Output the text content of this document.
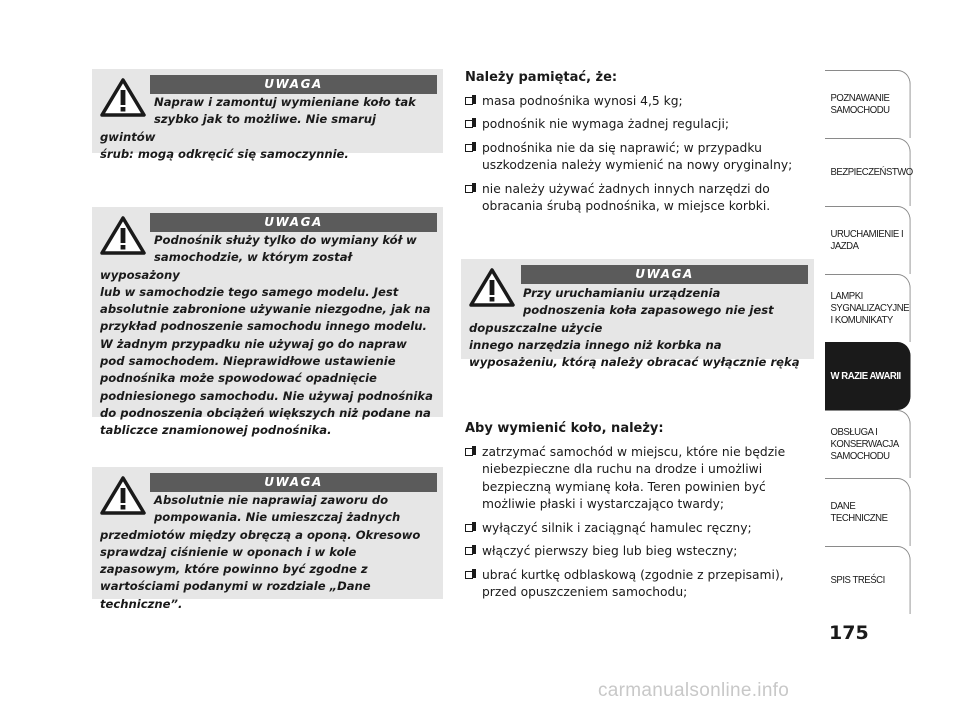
UWAGA

Napraw i zamontuj wymieniane koło tak szybko jak to możliwe. Nie smaruj gwintów
śrub: mogą odkręcić się samoczynnie.

UWAGA

Podnośnik służy tylko do wymiany kół w samochodzie, w którym został wyposażony
lub w samochodzie tego samego modelu. Jest absolutnie zabronione używanie niezgodne, jak na przykład podnoszenie samochodu innego modelu. W żadnym przypadku nie używaj go do napraw pod samochodem. Nieprawidłowe ustawienie podnośnika może spowodować opadnięcie podniesionego samochodu. Nie używaj podnośnika do podnoszenia obciążeń większych niż podane na tabliczce znamionowej podnośnika.

UWAGA

Absolutnie nie naprawiaj zaworu do pompowania. Nie umieszczaj żadnych
przedmiotów między obręczą a oponą. Okresowo sprawdzaj ciśnienie w oponach i w kole zapasowym, które powinno być zgodne z wartościami podanymi w rozdziale „Dane techniczne”.

Należy pamiętać, że:
masa podnośnika wynosi 4,5 kg;
podnośnik nie wymaga żadnej regulacji;
podnośnika nie da się naprawić; w przypadku uszkodzenia należy wymienić na nowy oryginalny;
nie należy używać żadnych innych narzędzi do obracania śrubą podnośnika, w miejsce korbki.
UWAGA

Przy uruchamianiu urządzenia podnoszenia koła zapasowego nie jest dopuszczalne użycie
innego narzędzia innego niż korbka na wyposażeniu, którą należy obracać wyłącznie ręką

Aby wymienić koło, należy:
zatrzymać samochód w miejscu, które nie będzie niebezpieczne dla ruchu na drodze i umożliwi bezpieczną wymianę koła. Teren powinien być możliwie płaski i wystarczająco twardy;
wyłączyć silnik i zaciągnąć hamulec ręczny;
włączyć pierwszy bieg lub bieg wsteczny;
ubrać kurtkę odblaskową (zgodnie z przepisami), przed opuszczeniem samochodu;
POZNAWANIE SAMOCHODU
BEZPIECZEŃSTWO
URUCHAMIENIE I JAZDA
LAMPKI SYGNALIZACYJNE I KOMUNIKATY
W RAZIE AWARII
OBSŁUGA I KONSERWACJA SAMOCHODU
DANE TECHNICZNE
SPIS TREŚCI
175
carmanualsonline.info
